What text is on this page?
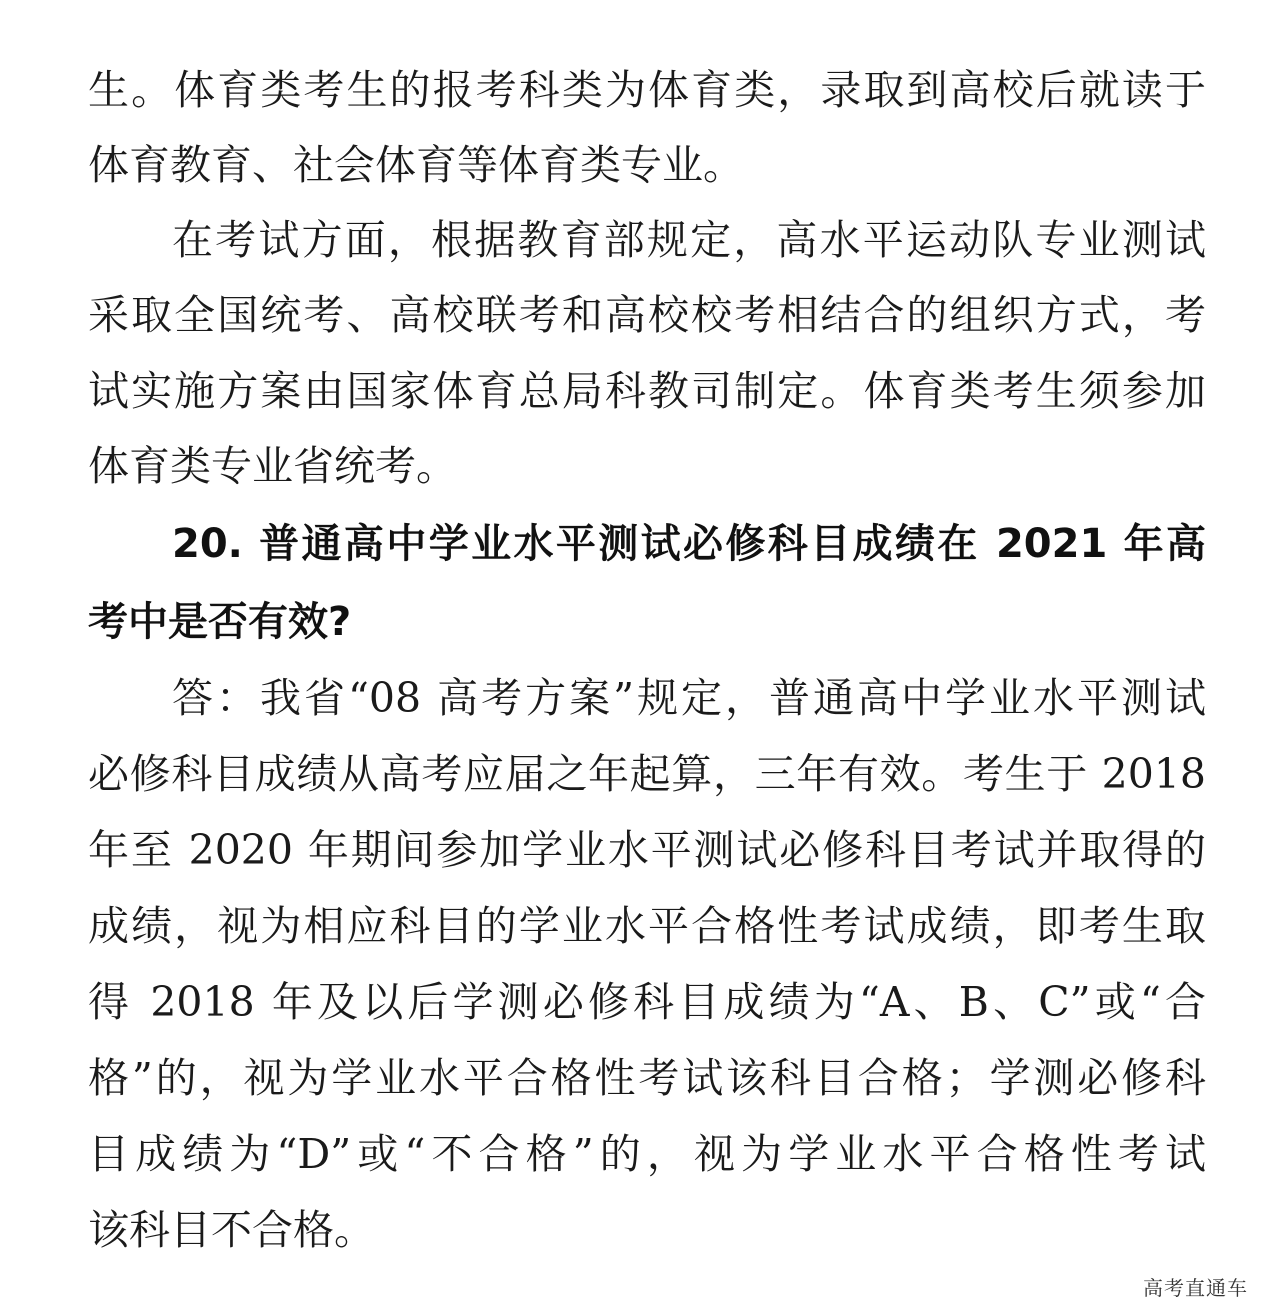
生。体育类考生的报考科类为体育类，录取到高校后就读于

体育教育、社会体育等体育类专业。

在考试方面，根据教育部规定，高水平运动队专业测试

采取全国统考、高校联考和高校校考相结合的组织方式，考

试实施方案由国家体育总局科教司制定。体育类考生须参加

体育类专业省统考。

20. 普通高中学业水平测试必修科目成绩在 2021 年高

考中是否有效?

答：我省“08 高考方案”规定，普通高中学业水平测试

必修科目成绩从高考应届之年起算，三年有效。考生于 2018

年至 2020 年期间参加学业水平测试必修科目考试并取得的

成绩，视为相应科目的学业水平合格性考试成绩，即考生取

得 2018 年及以后学测必修科目成绩为“A、B、C”或“合

格”的，视为学业水平合格性考试该科目合格；学测必修科

目成绩为“D”或“不合格”的，视为学业水平合格性考试

该科目不合格。

高考直通车
